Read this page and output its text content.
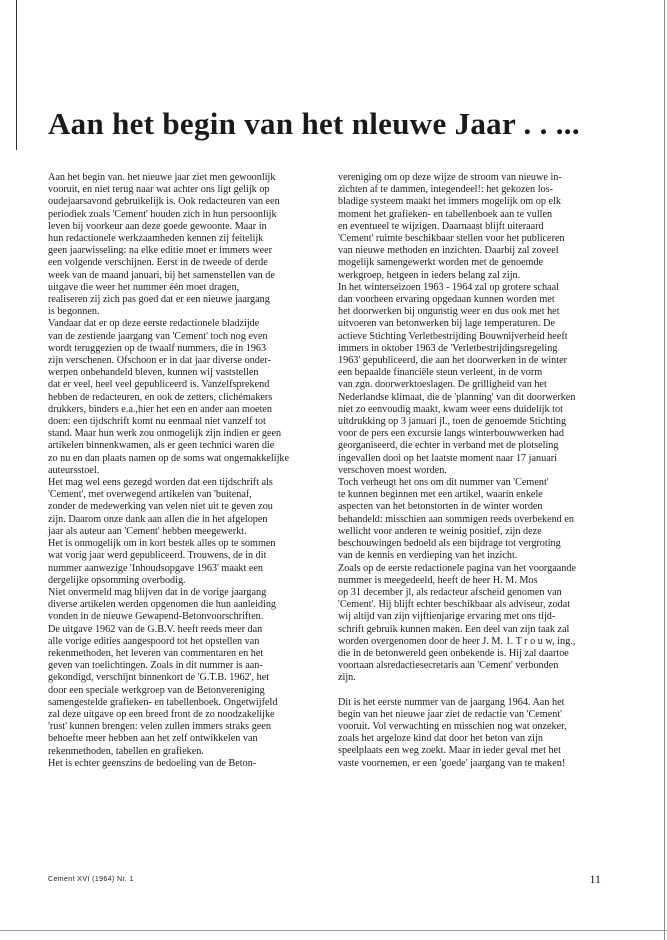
Aan het begin van het nleuwe Jaar . . ...
Aan het begin van. het nieuwe jaar ziet men gewoonlijk
vooruit, en niet terug naar wat achter ons ligt gelijk op
oudejaarsavond gebruikelijk is. Ook redacteuren van een
periodiek zoals 'Cement' houden zich in hun persoonlijk
leven bij voorkeur aan deze goede gewoonte. Maar in
hun redactionele werkzaamheden kennen zij feitelijk
geen jaarwisseling: na elke editie moet er immers weer
een volgende verschijnen. Eerst in de tweede of derde
week van de maand januari, bij het samenstellen van de
uitgave die weer het nummer één moet dragen,
realiseren zij zich pas goed dat er een nieuwe jaargang
is begonnen.
Vandaar dat er op deze eerste redactionele bladzijde
van de zestiende jaargang van 'Cement' toch nog even
wordt teruggezien op de twaalf nummers, die in 1963
zijn verschenen. Ofschoon er in dat jaar diverse onder-
werpen onbehandeld bleven, kunnen wij vaststellen
dat er veel, heel veel gepubliceerd is. Vanzelfsprekend
hebben de redacteuren, en ook de zetters, clichémakers
drukkers, binders e.a.,hier het een en ander aan moeten
doen: een tijdschrift komt nu eenmaal niet vanzelf tot
stand. Maar hun werk zou onmogelijk zijn indien er geen
artikelen binnenkwamen, als er geen technici waren die
zo nu en dan plaats namen op de soms wat ongemakkelijke
auteursstoel.
Het mag wel eens gezegd worden dat een tijdschrift als
'Cement', met overwegend artikelen van 'buitenaf,
zonder de medewerking van velen niet uit te geven zou
zijn. Daarom onze dank aan allen die in het afgelopen
jaar als auteur aan 'Cement' hebben meegewerkt.
Het is onmogelijk om in kort bestek alles op te sommen
wat vorig jaar werd gepubliceerd. Trouwens, de in dit
nummer aanwezige 'Inhoudsopgave 1963' maakt een
dergelijke opsomming overbodig.
Niet onvermeld mag blijven dat in de vorige jaargang
diverse artikelen werden opgenomen die hun aanleiding
vonden in de nieuwe Gewapend-Betonvoorschriften.
De uitgave 1962 van de G.B.V. heeft reeds meer dan
alle vorige edities aangespoord tot het opstellen van
rekenmethoden, het leveren van commentaren en het
geven van toelichtingen. Zoals in dit nummer is aan-
gekondigd, verschijnt binnenkort de 'G.T.B. 1962', het
door een speciale werkgroep van de Betonvereniging
samengestelde grafieken- en tabellenboek. Ongetwijfeld
zal deze uitgave op een breed front de zo noodzakelijke
'rust' kunnen brengen: velen zullen immers straks geen
behoefte meer hebben aan het zelf ontwikkelen van
rekenmethoden, tabellen en grafieken.
Het is echter geenszins de bedoeling van de Beton-
vereniging om op deze wijze de stroom van nieuwe in-
zichten af te dammen, integendeel!: het gekozen los-
bladige systeem maakt het immers mogelijk om op elk
moment het grafieken- en tabellenboek aan te vullen
en eventueel te wijzigen. Daarnaast blijft uiteraard
'Cement' ruimte beschikbaar stellen voor het publiceren
van nieuwe methoden en inzichten. Daarbij zal zoveel
mogelijk samengewerkt worden met de genoemde
werkgroep, hetgeen in ieders belang zal zijn.
In het winterseizoen 1963 - 1964 zal op grotere schaal
dan voorheen ervaring opgedaan kunnen worden met
het doorwerken bij ongunstig weer en dus ook met het
uitvoeren van betonwerken bij lage temperaturen. De
actieve Stichting Verletbestrijding Bouwnijverheid heeft
immers in oktober 1963 de 'Verletbestrijdingsregeling
1963' gepubliceerd, die aan het doorwerken in de winter
een bepaalde financiële steun verleent, in de vorm
van zgn. doorwerktoeslagen. De grilligheid van het
Nederlandse klimaat, die de 'planning' van dit doorwerken
niet zo eenvoudig maakt, kwam weer eens duidelijk tot
uitdrukking op 3 januari jl., toen de genoemde Stichting
voor de pers een excursie langs winterbouwwerken had
georganiseerd, die echter in verband met de plotseling
ingevallen dooi op het laatste moment naar 17 januari
verschoven moest worden.
Toch verheugt het ons om dit nummer van 'Cement'
te kunnen beginnen met een artikel, waarin enkele
aspecten van het betonstorten in de winter worden
behandeld: misschien aan sommigen reeds overbekend en
wellicht voor anderen te weinig positief, zijn deze
beschouwingen bedoeld als een bijdrage tot vergroting
van de kennis en verdieping van het inzicht.
Zoals op de eerste redactionele pagina van het voorgaande
nummer is meegedeeld, heeft de heer H. M. Mos
op 31 december jl, als redacteur afscheid genomen van
'Cement'. Hij blijft echter beschikbaar als adviseur, zodat
wij altijd van zijn vijftienjarige ervaring met ons tijd-
schrift gebruik kunnen maken. Een deel van zijn taak zal
worden overgenomen door de heer J. M. 1. T r o u w, ing.,
die in de betonwereld geen onbekende is. Hij zal daartoe
voortaan alsredactiesecretaris aan 'Cement' verbonden
zijn.
Dit is het eerste nummer van de jaargang 1964. Aan het
begin van het nieuwe jaar ziet de redactie van 'Cement'
vooruit. Vol verwachting en misschien nog wat onzeker,
zoals het argeloze kind dat door het beton van zijn
speelplaats een weg zoekt. Maar in ieder geval met het
vaste voornemen, er een 'goede' jaargang van te maken!
Cement XVI (1964) Nr. 1	11
